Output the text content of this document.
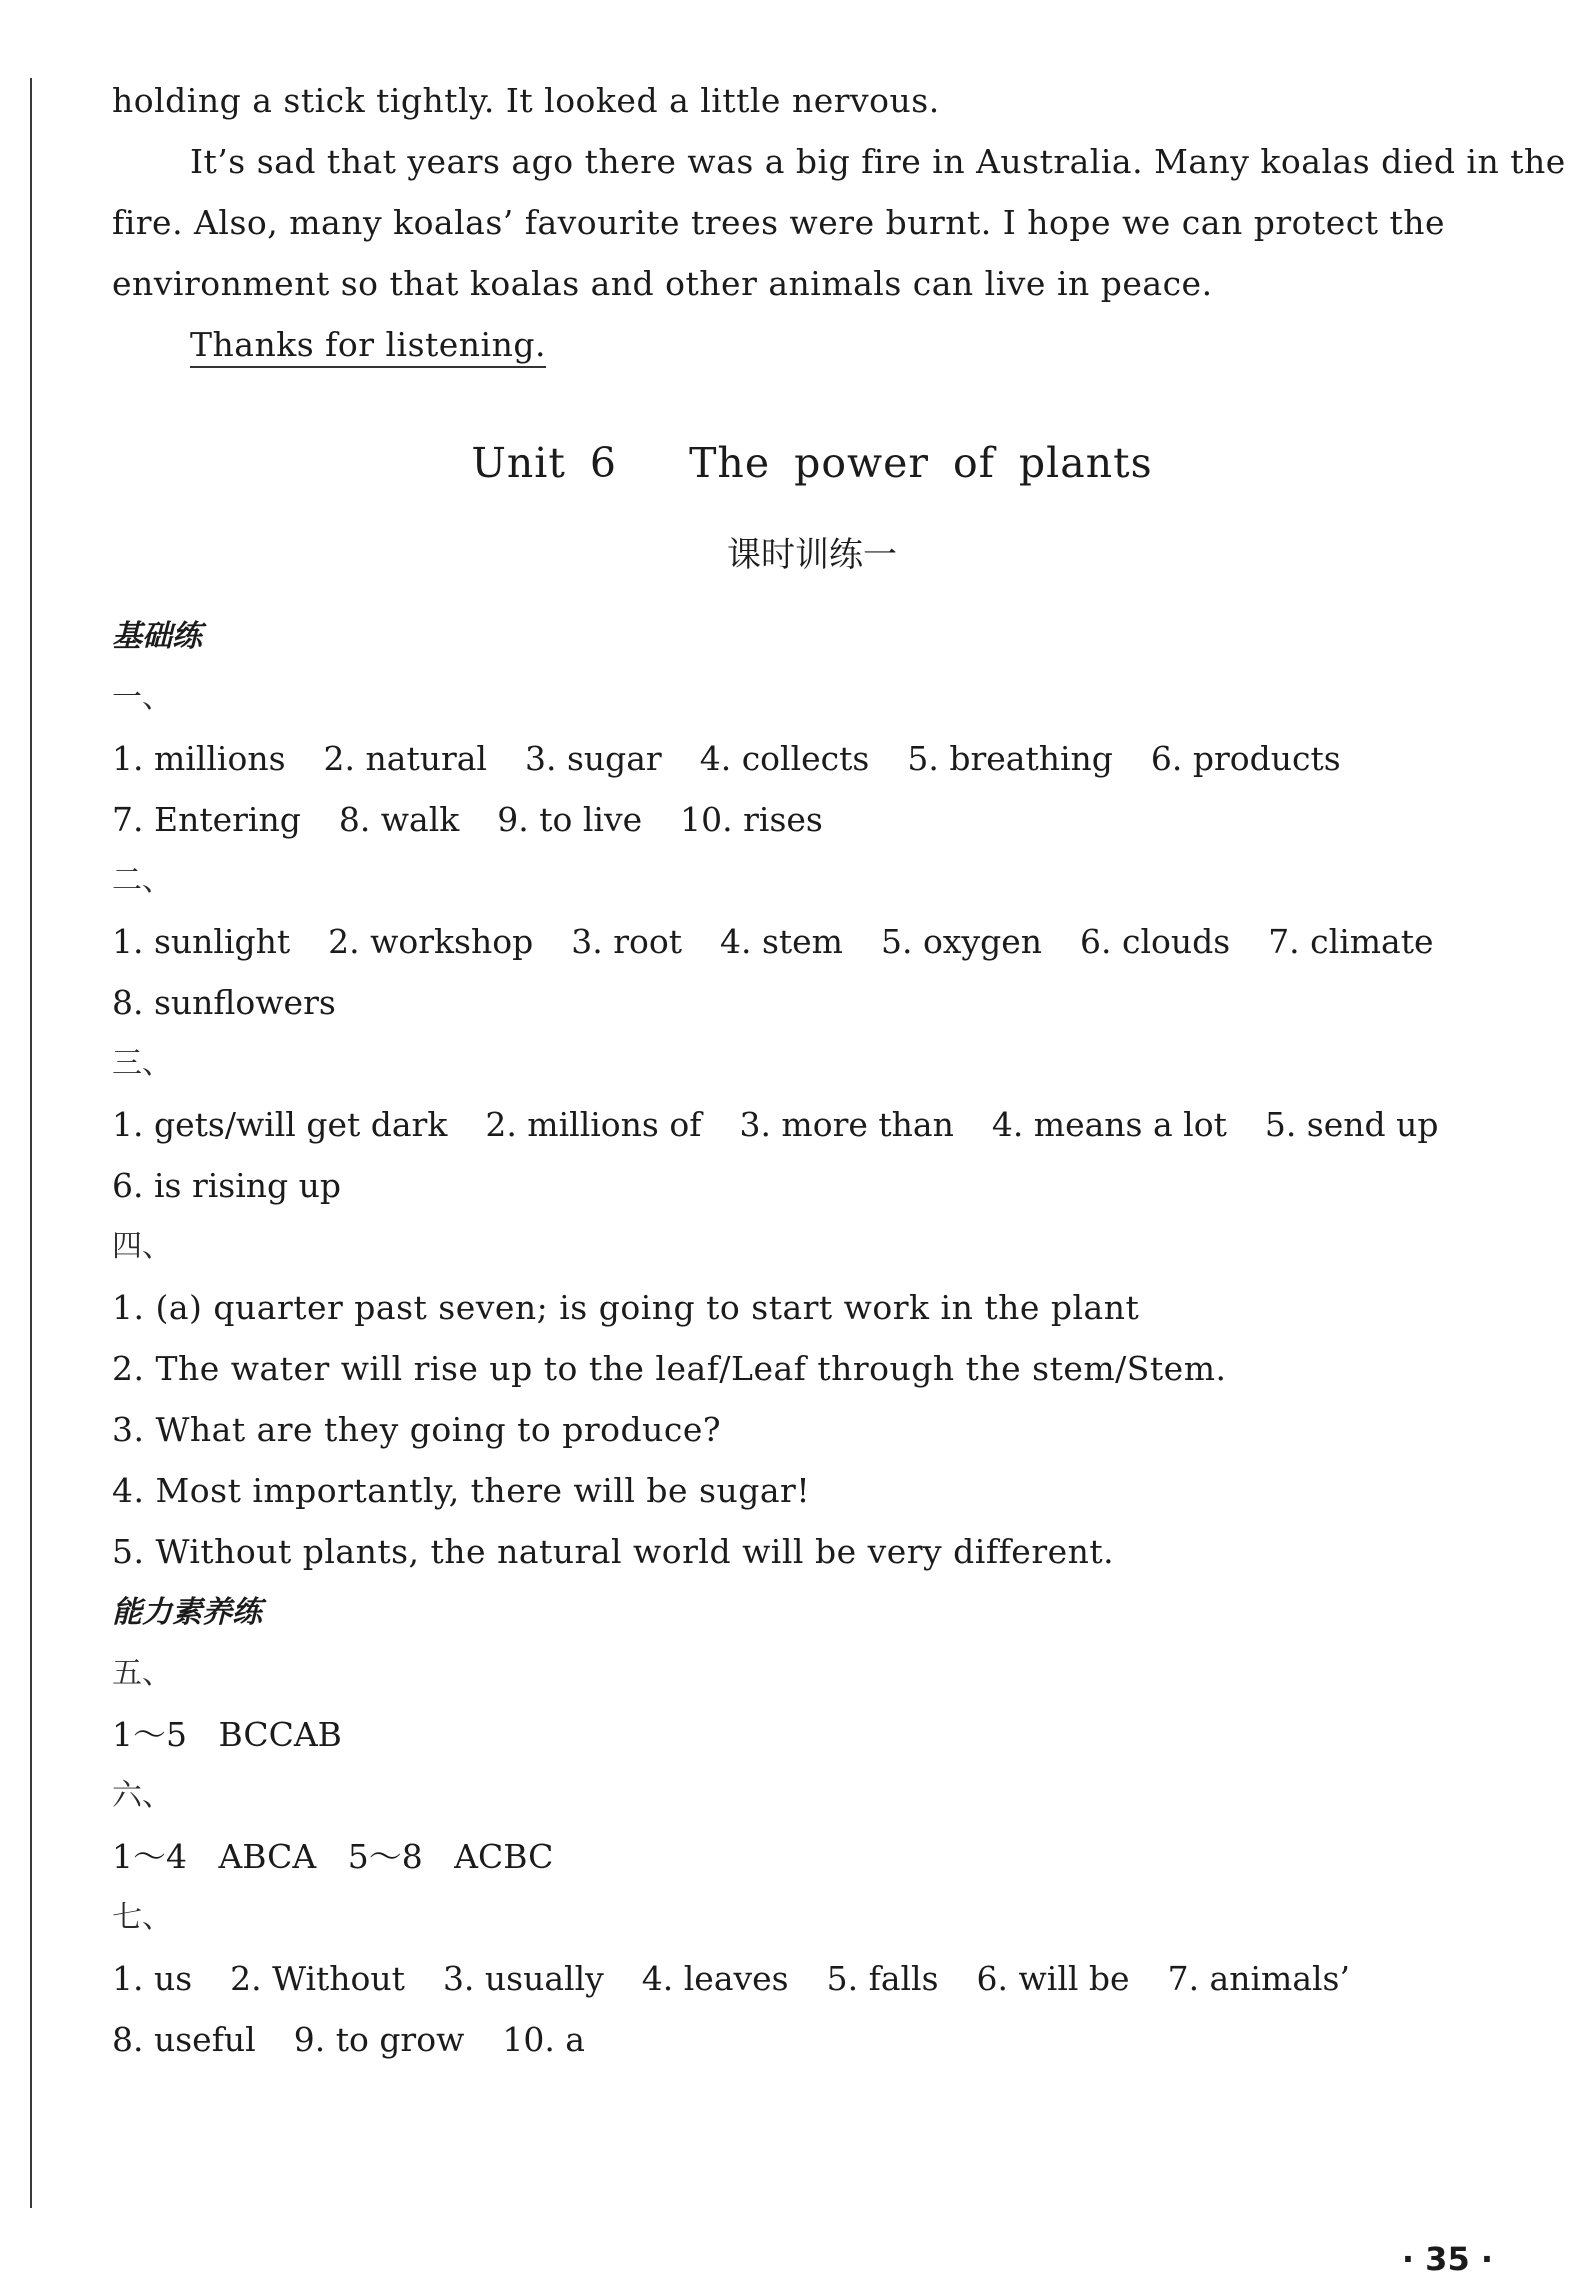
holding a stick tightly. It looked a little nervous.
It’s sad that years ago there was a big fire in Australia. Many koalas died in the
fire. Also, many koalas’ favourite trees were burnt. I hope we can protect the
environment so that koalas and other animals can live in peace.
Thanks for listening.
Unit 6   The power of plants
课时训练一
基础练
一、
1. millions 2. natural 3. sugar 4. collects 5. breathing 6. products
7. Entering 8. walk 9. to live 10. rises
二、
1. sunlight 2. workshop 3. root 4. stem 5. oxygen 6. clouds 7. climate
8. sunflowers
三、
1. gets/will get dark 2. millions of 3. more than 4. means a lot 5. send up
6. is rising up
四、
1. (a) quarter past seven; is going to start work in the plant
2. The water will rise up to the leaf/Leaf through the stem/Stem.
3. What are they going to produce?
4. Most importantly, there will be sugar!
5. Without plants, the natural world will be very different.
能力素养练
五、
1～5   BCCAB
六、
1～4   ABCA   5～8   ACBC
七、
1. us 2. Without 3. usually 4. leaves 5. falls 6. will be 7. animals’
8. useful 9. to grow 10. a
· 35 ·
